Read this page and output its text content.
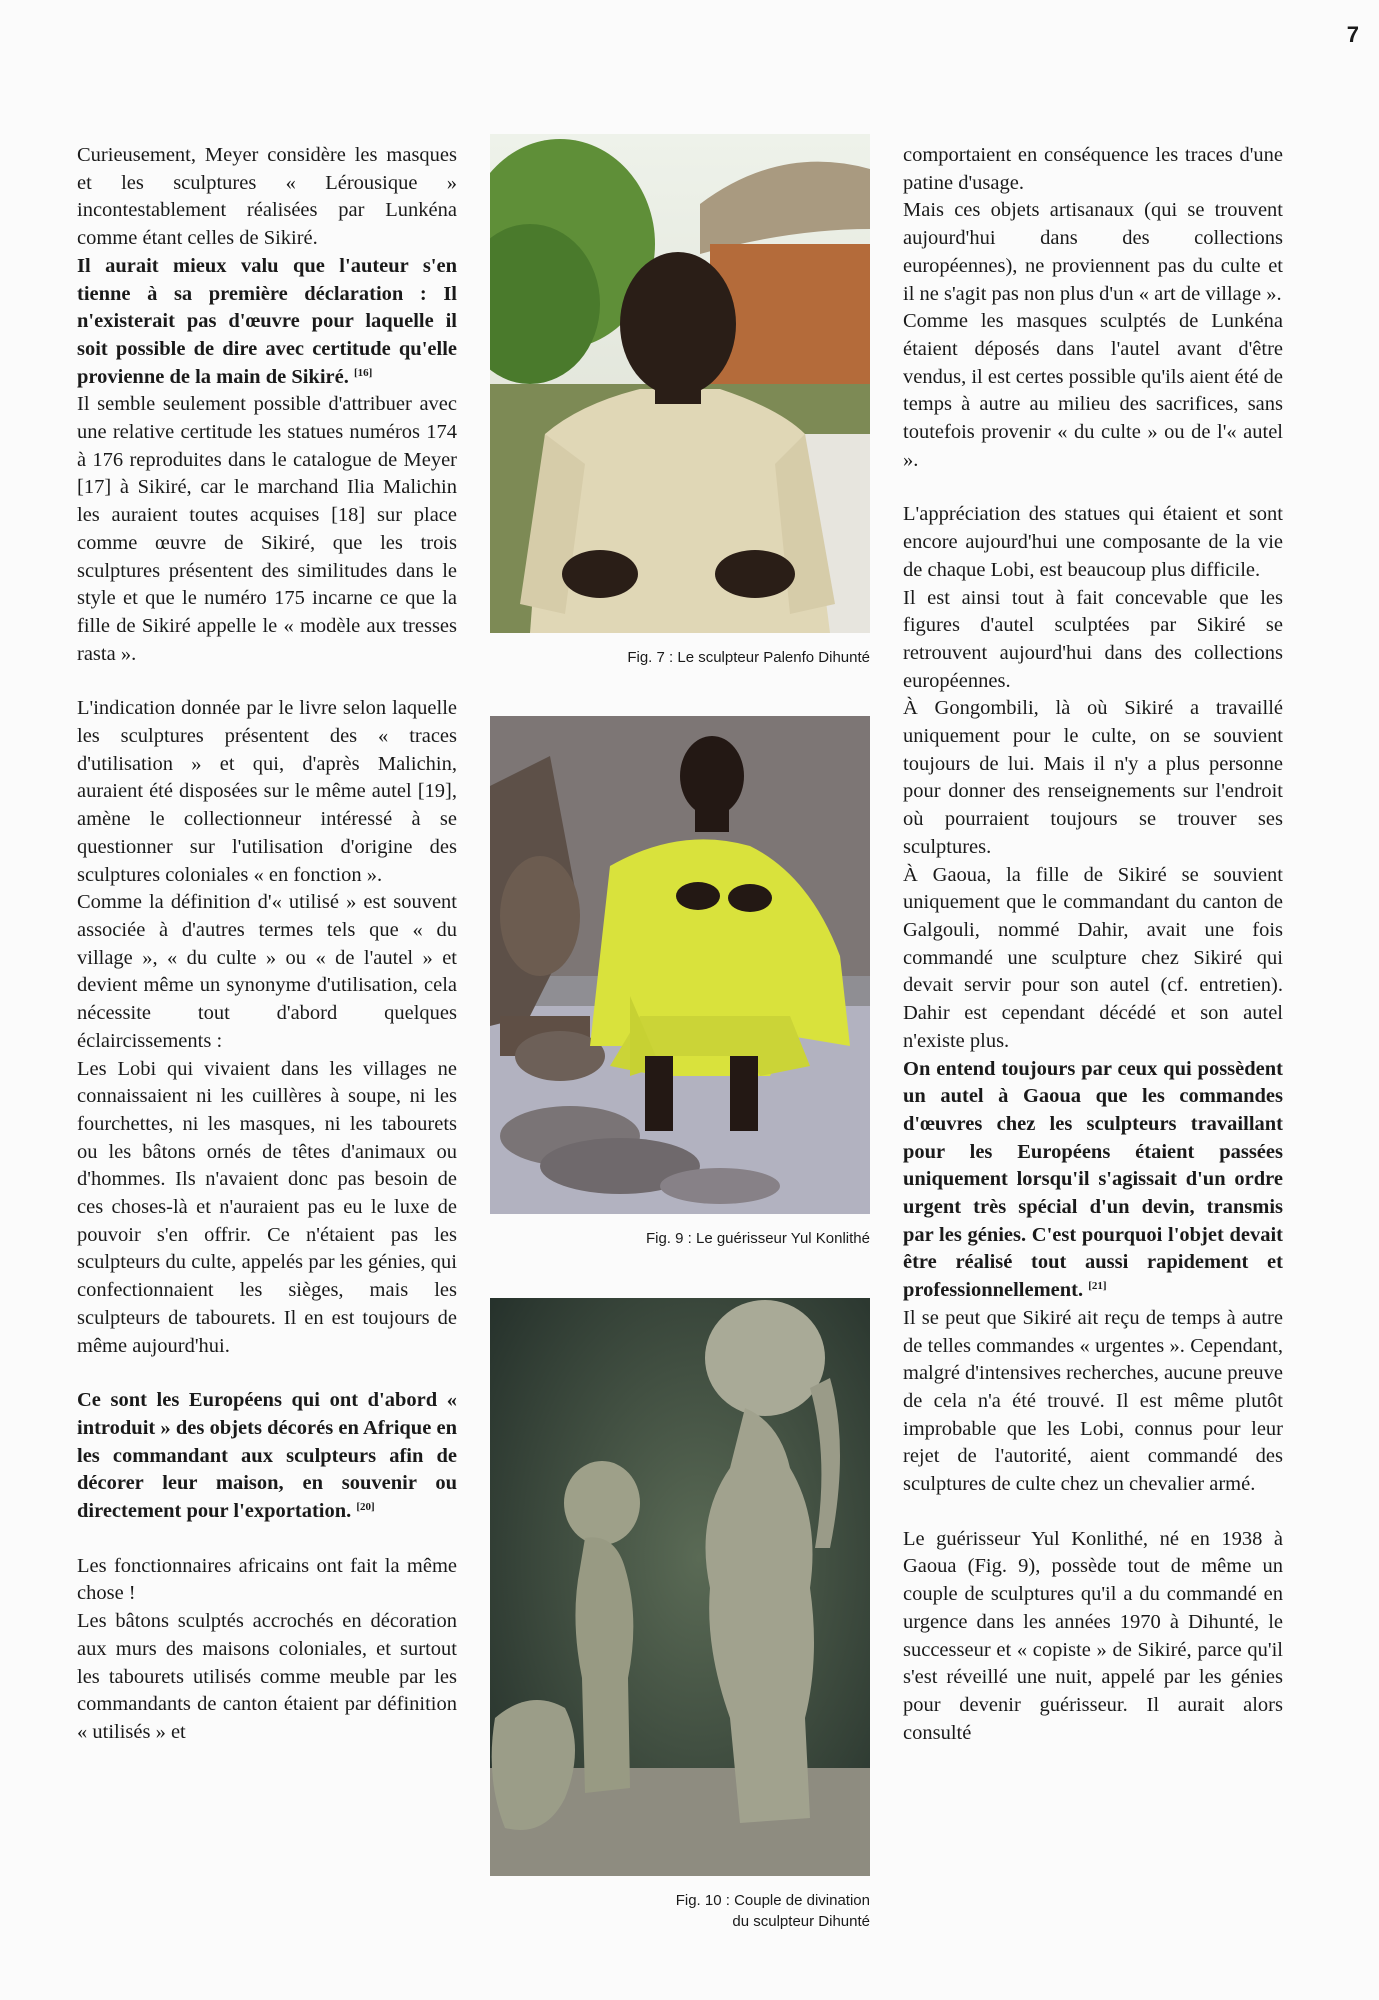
7

Curieusement, Meyer considère les masques et les sculptures « Lérousique » incontestablement réalisées par Lunkéna comme étant celles de Sikiré.

Il aurait mieux valu que l'auteur s'en tienne à sa première déclaration : Il n'existerait pas d'œuvre pour laquelle il soit possible de dire avec certitude qu'elle provienne de la main de Sikiré. [16]

Il semble seulement possible d'attribuer avec une relative certitude les statues numéros 174 à 176 reproduites dans le catalogue de Meyer [17] à Sikiré, car le marchand Ilia Malichin les auraient toutes acquises [18] sur place comme œuvre de Sikiré, que les trois sculptures présentent des similitudes dans le style et que le numéro 175 incarne ce que la fille de Sikiré appelle le « modèle aux tresses rasta ».

L'indication donnée par le livre selon laquelle les sculptures présentent des « traces d'utilisation » et qui, d'après Malichin, auraient été disposées sur le même autel [19], amène le collectionneur intéressé à se questionner sur l'utilisation d'origine des sculptures coloniales « en fonction ».

Comme la définition d'« utilisé » est souvent associée à d'autres termes tels que « du village », « du culte » ou « de l'autel » et devient même un synonyme d'utilisation, cela nécessite tout d'abord quelques éclaircissements :

Les Lobi qui vivaient dans les villages ne connaissaient ni les cuillères à soupe, ni les fourchettes, ni les masques, ni les tabourets ou les bâtons ornés de têtes d'animaux ou d'hommes. Ils n'avaient donc pas besoin de ces choses-là et n'auraient pas eu le luxe de pouvoir s'en offrir. Ce n'étaient pas les sculpteurs du culte, appelés par les génies, qui confectionnaient les sièges, mais les sculpteurs de tabourets. Il en est toujours de même aujourd'hui.

Ce sont les Européens qui ont d'abord « introduit » des objets décorés en Afrique en les commandant aux sculpteurs afin de décorer leur maison, en souvenir ou directement pour l'exportation. [20]

Les fonctionnaires africains ont fait la même chose !

Les bâtons sculptés accrochés en décoration aux murs des maisons coloniales, et surtout les tabourets utilisés comme meuble par les commandants de canton étaient par définition « utilisés » et

comportaient en conséquence les traces d'une patine d'usage.

Mais ces objets artisanaux (qui se trouvent aujourd'hui dans des collections européennes), ne proviennent pas du culte et il ne s'agit pas non plus d'un « art de village ».

Comme les masques sculptés de Lunkéna étaient déposés dans l'autel avant d'être vendus, il est certes possible qu'ils aient été de temps à autre au milieu des sacrifices, sans toutefois provenir « du culte » ou de l'« autel ».

L'appréciation des statues qui étaient et sont encore aujourd'hui une composante de la vie de chaque Lobi, est beaucoup plus difficile.

Il est ainsi tout à fait concevable que les figures d'autel sculptées par Sikiré se retrouvent aujourd'hui dans des collections européennes.

À Gongombili, là où Sikiré a travaillé uniquement pour le culte, on se souvient toujours de lui. Mais il n'y a plus personne pour donner des renseignements sur l'endroit où pourraient toujours se trouver ses sculptures.

À Gaoua, la fille de Sikiré se souvient uniquement que le commandant du canton de Galgouli, nommé Dahir, avait une fois commandé une sculpture chez Sikiré qui devait servir pour son autel (cf. entretien). Dahir est cependant décédé et son autel n'existe plus.

On entend toujours par ceux qui possèdent un autel à Gaoua que les commandes d'œuvres chez les sculpteurs travaillant pour les Européens étaient passées uniquement lorsqu'il s'agissait d'un ordre urgent très spécial d'un devin, transmis par les génies. C'est pourquoi l'objet devait être réalisé tout aussi rapidement et professionnellement. [21]

Il se peut que Sikiré ait reçu de temps à autre de telles commandes « urgentes ». Cependant, malgré d'intensives recherches, aucune preuve de cela n'a été trouvé. Il est même plutôt improbable que les Lobi, connus pour leur rejet de l'autorité, aient commandé des sculptures de culte chez un chevalier armé.

Le guérisseur Yul Konlithé, né en 1938 à Gaoua (Fig. 9), possède tout de même un couple de sculptures qu'il a du commandé en urgence dans les années 1970 à Dihunté, le successeur et « copiste » de Sikiré, parce qu'il s'est réveillé une nuit, appelé par les génies pour devenir guérisseur. Il aurait alors consulté

Fig. 7 : Le sculpteur Palenfo Dihunté
Fig. 9 : Le guérisseur Yul Konlithé
Fig. 10 : Couple de divination
du sculpteur Dihunté
